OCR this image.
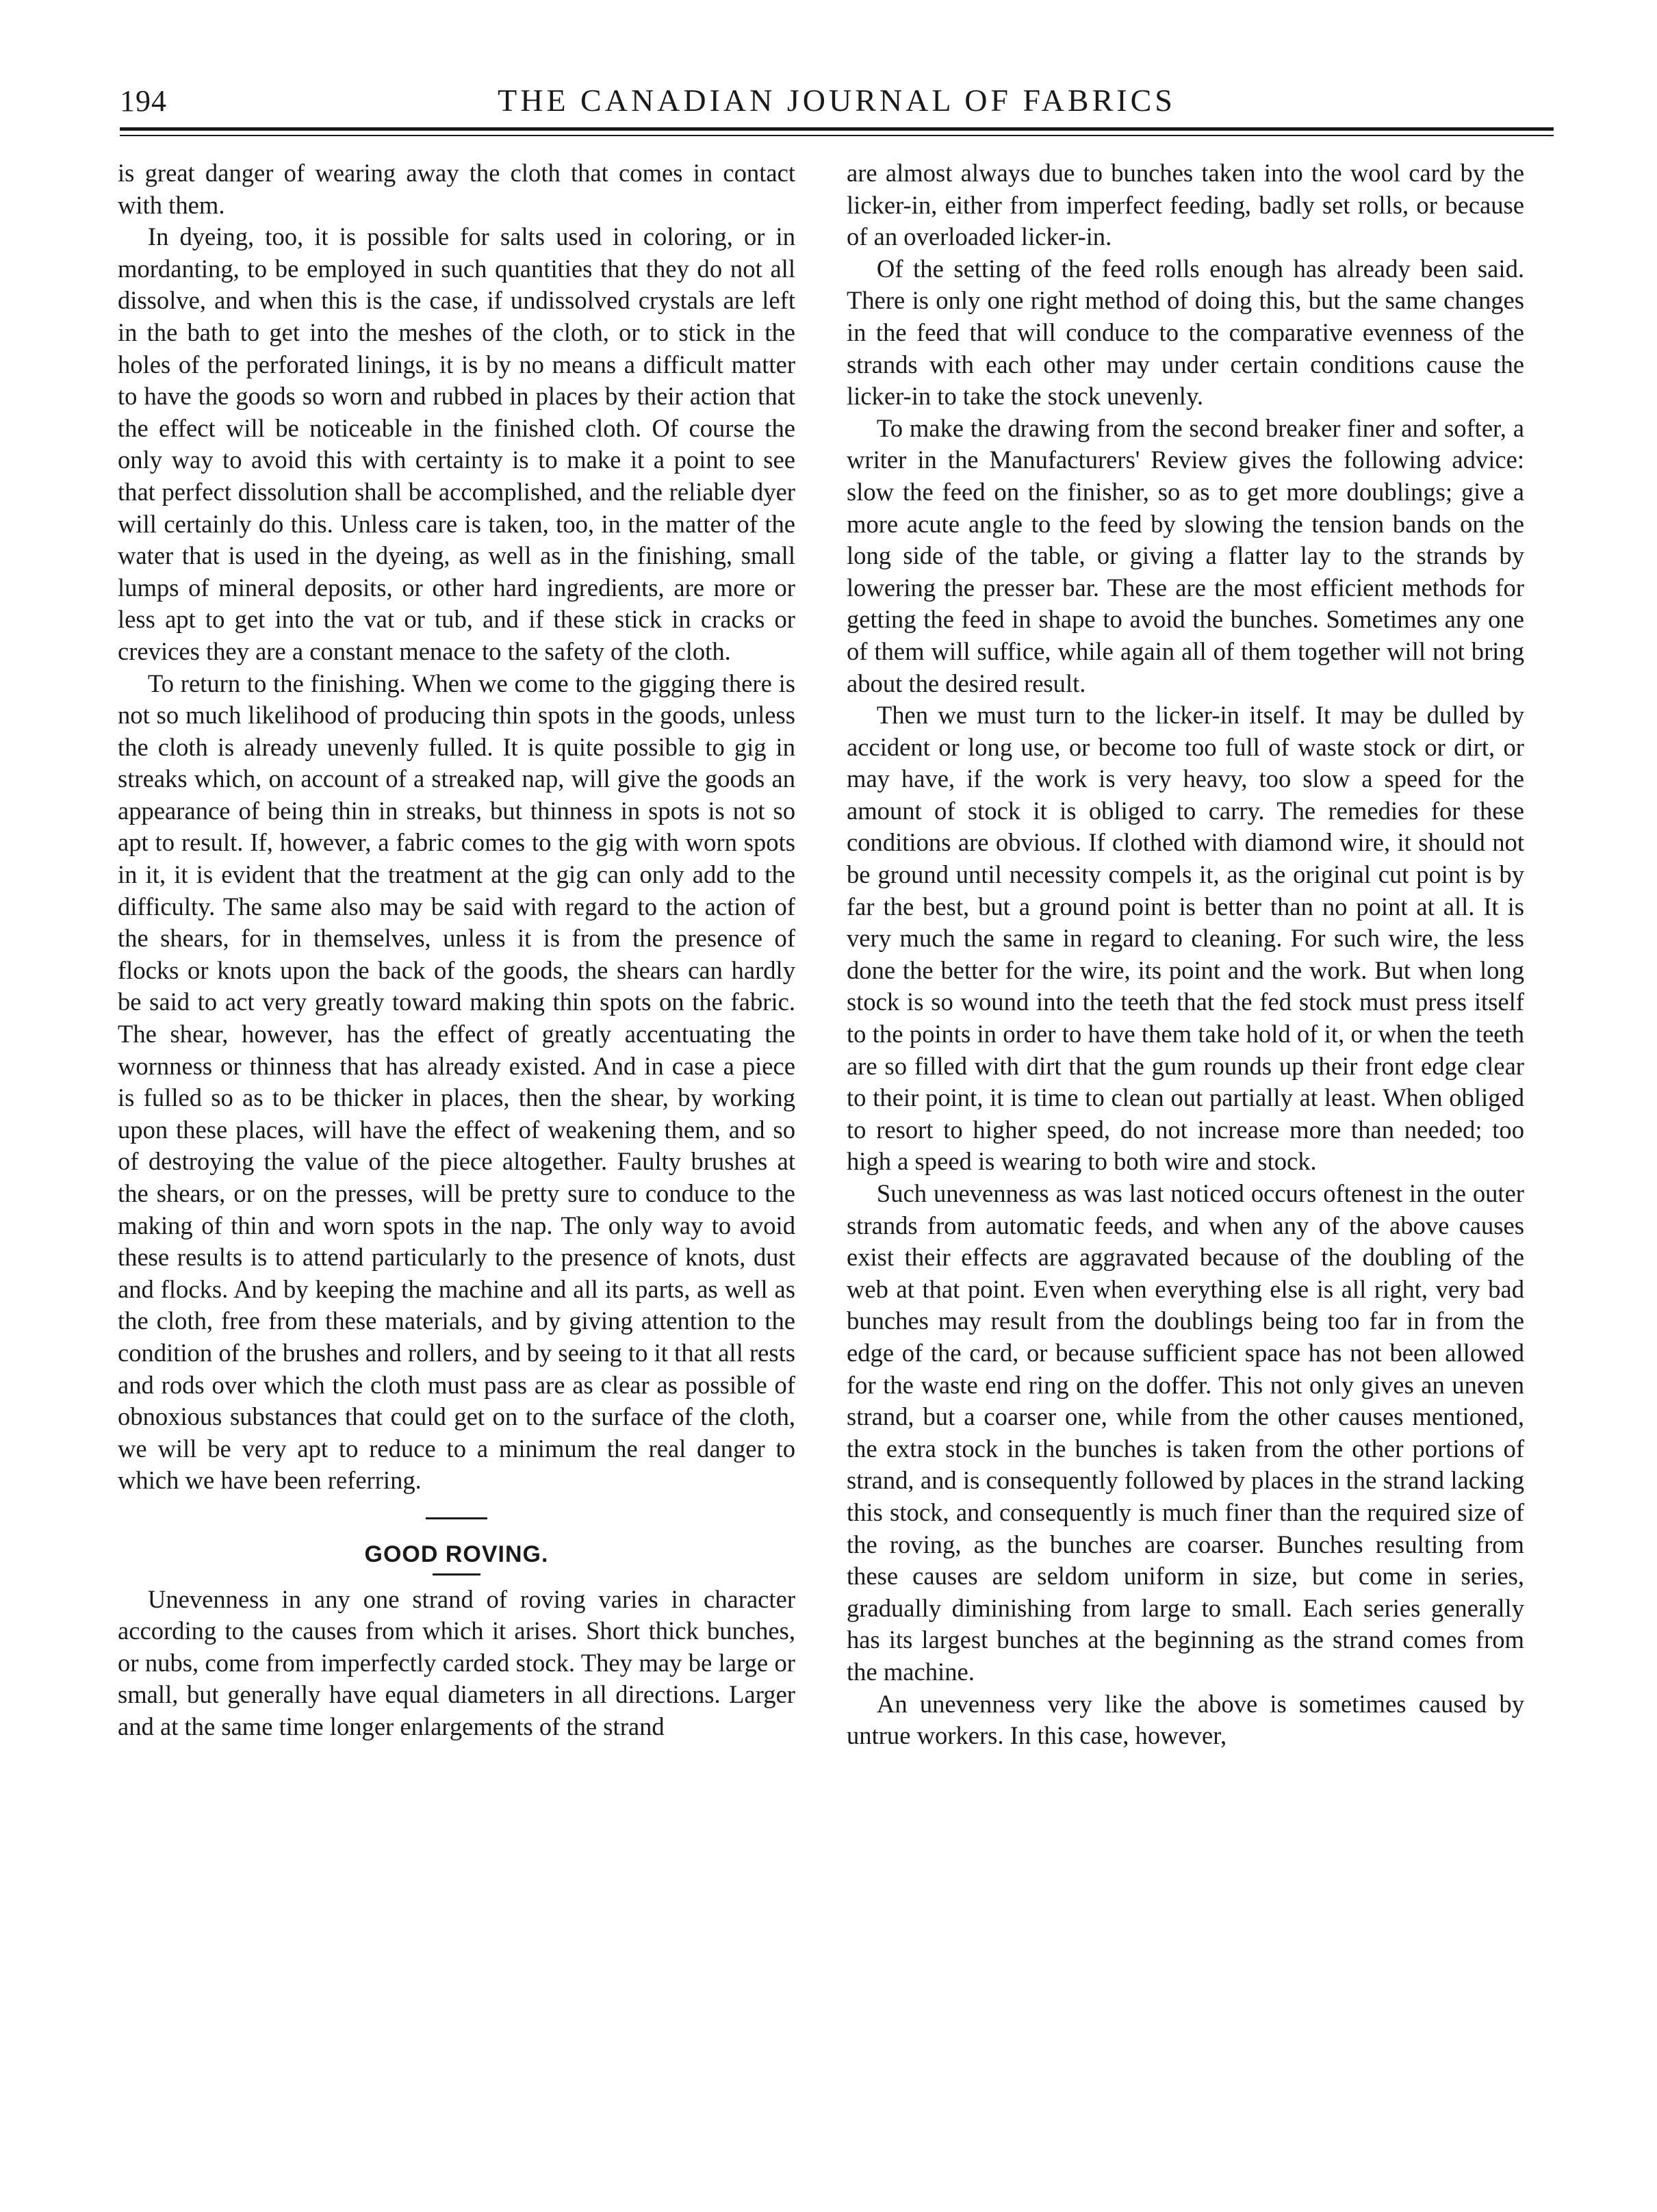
194	THE CANADIAN JOURNAL OF FABRICS

is great danger of wearing away the cloth that comes in contact with them.

In dyeing, too, it is possible for salts used in coloring, or in mordanting, to be employed in such quantities that they do not all dissolve, and when this is the case, if undissolved crystals are left in the bath to get into the meshes of the cloth, or to stick in the holes of the perforated linings, it is by no means a difficult matter to have the goods so worn and rubbed in places by their action that the effect will be noticeable in the finished cloth. Of course the only way to avoid this with certainty is to make it a point to see that perfect dissolution shall be accomplished, and the reliable dyer will certainly do this. Unless care is taken, too, in the matter of the water that is used in the dyeing, as well as in the finishing, small lumps of mineral deposits, or other hard ingredients, are more or less apt to get into the vat or tub, and if these stick in cracks or crevices they are a constant menace to the safety of the cloth.

To return to the finishing. When we come to the gigging there is not so much likelihood of producing thin spots in the goods, unless the cloth is already unevenly fulled. It is quite possible to gig in streaks which, on account of a streaked nap, will give the goods an appearance of being thin in streaks, but thinness in spots is not so apt to result. If, however, a fabric comes to the gig with worn spots in it, it is evident that the treatment at the gig can only add to the difficulty. The same also may be said with regard to the action of the shears, for in themselves, unless it is from the presence of flocks or knots upon the back of the goods, the shears can hardly be said to act very greatly toward making thin spots on the fabric. The shear, however, has the effect of greatly accentuating the wornness or thinness that has already existed. And in case a piece is fulled so as to be thicker in places, then the shear, by working upon these places, will have the effect of weakening them, and so of destroying the value of the piece altogether. Faulty brushes at the shears, or on the presses, will be pretty sure to conduce to the making of thin and worn spots in the nap. The only way to avoid these results is to attend particularly to the presence of knots, dust and flocks. And by keeping the machine and all its parts, as well as the cloth, free from these materials, and by giving attention to the condition of the brushes and rollers, and by seeing to it that all rests and rods over which the cloth must pass are as clear as possible of obnoxious substances that could get on to the surface of the cloth, we will be very apt to reduce to a minimum the real danger to which we have been referring.

GOOD ROVING.

Unevenness in any one strand of roving varies in character according to the causes from which it arises. Short thick bunches, or nubs, come from imperfectly carded stock. They may be large or small, but generally have equal diameters in all directions. Larger and at the same time longer enlargements of the strand

are almost always due to bunches taken into the wool card by the licker-in, either from imperfect feeding, badly set rolls, or because of an overloaded licker-in.

Of the setting of the feed rolls enough has already been said. There is only one right method of doing this, but the same changes in the feed that will conduce to the comparative evenness of the strands with each other may under certain conditions cause the licker-in to take the stock unevenly.

To make the drawing from the second breaker finer and softer, a writer in the Manufacturers' Review gives the following advice: slow the feed on the finisher, so as to get more doublings; give a more acute angle to the feed by slowing the tension bands on the long side of the table, or giving a flatter lay to the strands by lowering the presser bar. These are the most efficient methods for getting the feed in shape to avoid the bunches. Sometimes any one of them will suffice, while again all of them together will not bring about the desired result.

Then we must turn to the licker-in itself. It may be dulled by accident or long use, or become too full of waste stock or dirt, or may have, if the work is very heavy, too slow a speed for the amount of stock it is obliged to carry. The remedies for these conditions are obvious. If clothed with diamond wire, it should not be ground until necessity compels it, as the original cut point is by far the best, but a ground point is better than no point at all. It is very much the same in regard to cleaning. For such wire, the less done the better for the wire, its point and the work. But when long stock is so wound into the teeth that the fed stock must press itself to the points in order to have them take hold of it, or when the teeth are so filled with dirt that the gum rounds up their front edge clear to their point, it is time to clean out partially at least. When obliged to resort to higher speed, do not increase more than needed; too high a speed is wearing to both wire and stock.

Such unevenness as was last noticed occurs oftenest in the outer strands from automatic feeds, and when any of the above causes exist their effects are aggravated because of the doubling of the web at that point. Even when everything else is all right, very bad bunches may result from the doublings being too far in from the edge of the card, or because sufficient space has not been allowed for the waste end ring on the doffer. This not only gives an uneven strand, but a coarser one, while from the other causes mentioned, the extra stock in the bunches is taken from the other portions of strand, and is consequently followed by places in the strand lacking this stock, and consequently is much finer than the required size of the roving, as the bunches are coarser. Bunches resulting from these causes are seldom uniform in size, but come in series, gradually diminishing from large to small. Each series generally has its largest bunches at the beginning as the strand comes from the machine.

An unevenness very like the above is sometimes caused by untrue workers. In this case, however,
